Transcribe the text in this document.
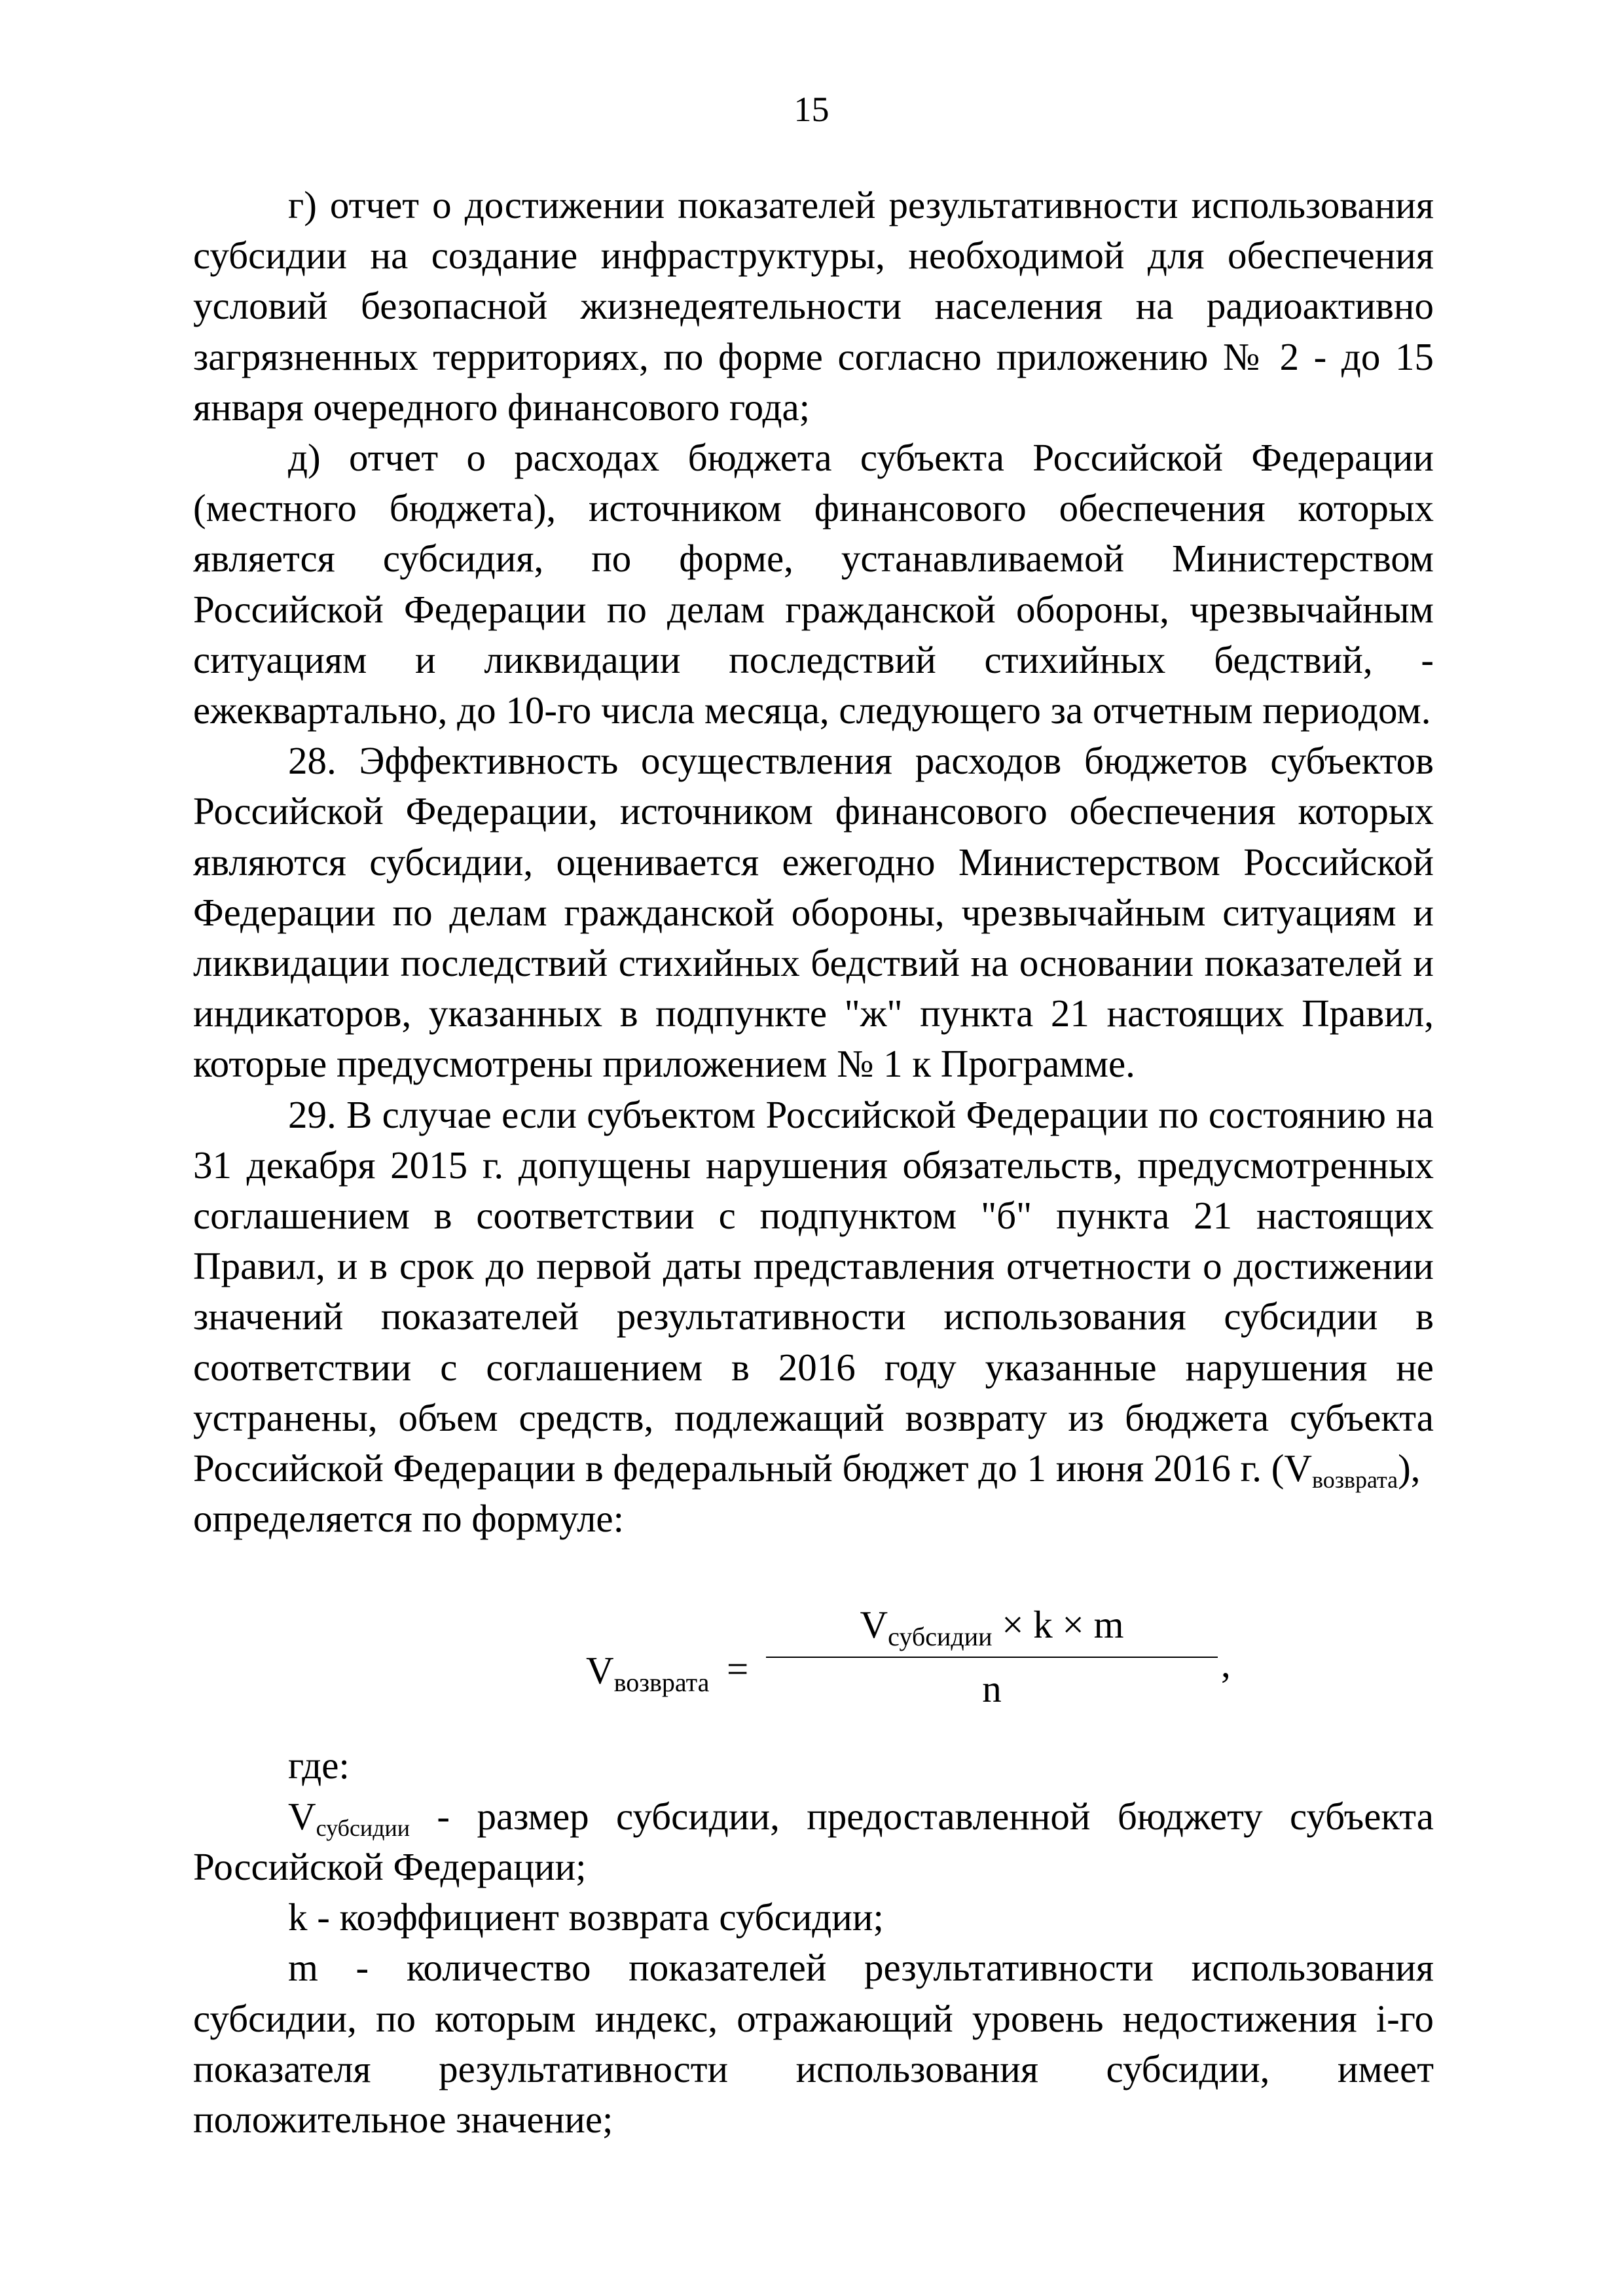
15

г) отчет о достижении показателей результативности использования субсидии на создание инфраструктуры, необходимой для обеспечения условий безопасной жизнедеятельности населения на радиоактивно загрязненных территориях, по форме согласно приложению № 2 - до 15 января очередного финансового года;

д) отчет о расходах бюджета субъекта Российской Федерации (местного бюджета), источником финансового обеспечения которых является субсидия, по форме, устанавливаемой Министерством Российской Федерации по делам гражданской обороны, чрезвычайным ситуациям и ликвидации последствий стихийных бедствий, - ежеквартально, до 10-го числа месяца, следующего за отчетным периодом.

28. Эффективность осуществления расходов бюджетов субъектов Российской Федерации, источником финансового обеспечения которых являются субсидии, оценивается ежегодно Министерством Российской Федерации по делам гражданской обороны, чрезвычайным ситуациям и ликвидации последствий стихийных бедствий на основании показателей и индикаторов, указанных в подпункте "ж" пункта 21 настоящих Правил, которые предусмотрены приложением № 1 к Программе.

29. В случае если субъектом Российской Федерации по состоянию на 31 декабря 2015 г. допущены нарушения обязательств, предусмотренных соглашением в соответствии с подпунктом "б" пункта 21 настоящих Правил, и в срок до первой даты представления отчетности о достижении значений показателей результативности использования субсидии в соответствии с соглашением в 2016 году указанные нарушения не устранены, объем средств, подлежащий возврату из бюджета субъекта Российской Федерации в федеральный бюджет до 1 июня 2016 г. $(V_{возврата})$,

определяется по формуле:

$V_{возврата}$ =
$V_{субсидии} \times k \times m$
n
,

где:

$V_{субсидии}$ - размер субсидии, предоставленной бюджету субъекта Российской Федерации;

k - коэффициент возврата субсидии;

m - количество показателей результативности использования субсидии, по которым индекс, отражающий уровень недостижения i-го показателя результативности использования субсидии, имеет положительное значение;
